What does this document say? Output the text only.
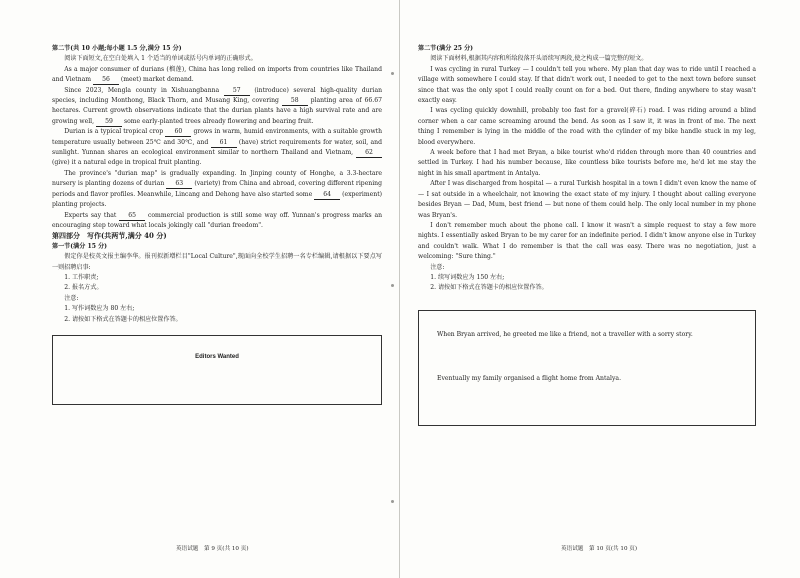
第二节(共 10 小题;每小题 1.5 分,满分 15 分)
阅读下面短文,在空白处填入 1 个适当的单词或括号内单词的正确形式。
As a major consumer of durians (榴莲), China has long relied on imports from countries like Thailand and Vietnam 56 (meet) market demand.
Since 2023, Mengla county in Xishuangbanna 57 (introduce) several high-quality durian species, including Monthong, Black Thorn, and Musang King, covering 58 planting area of 66.67 hectares. Current growth observations indicate that the durian plants have a high survival rate and are growing well, 59 some early-planted trees already flowering and bearing fruit.
Durian is a typical tropical crop 60 grows in warm, humid environments, with a suitable growth temperature usually between 25℃ and 30℃, and 61 (have) strict requirements for water, soil, and sunlight. Yunnan shares an ecological environment similar to northern Thailand and Vietnam, 62 (give) it a natural edge in tropical fruit planting.
The province's "durian map" is gradually expanding. In Jinping county of Honghe, a 3.3-hectare nursery is planting dozens of durian 63 (variety) from China and abroad, covering different ripening periods and flavor profiles. Meanwhile, Lincang and Dehong have also started some 64 (experiment) planting projects.
Experts say that 65 commercial production is still some way off. Yunnan's progress marks an encouraging step toward what locals jokingly call "durian freedom".
第四部分　写作(共两节,满分 40 分)
第一节(满分 15 分)
假定你是校英文报主编李华。报刊拟新增栏目"Local Culture",现面向全校学生招聘一名专栏编辑,请根据以下要点写一则招聘启事:
1. 工作职责;
2. 报名方式。
注意:
1. 写作词数应为 80 左右;
2. 请按如下格式在答题卡的相应位置作答。
Editors Wanted
英语试题　第 9 页(共 10 页)
第二节(满分 25 分)
阅读下面材料,根据其内容和所给段落开头语续写两段,使之构成一篇完整的短文。
I was cycling in rural Turkey — I couldn't tell you where. My plan that day was to ride until I reached a village with somewhere I could stay. If that didn't work out, I needed to get to the next town before sunset since that was the only spot I could really count on for a bed. Out there, finding anywhere to stay wasn't exactly easy.
I was cycling quickly downhill, probably too fast for a gravel(碎石) road. I was riding around a blind corner when a car came screaming around the bend. As soon as I saw it, it was in front of me. The next thing I remember is lying in the middle of the road with the cylinder of my bike handle stuck in my leg, blood everywhere.
A week before that I had met Bryan, a bike tourist who'd ridden through more than 40 countries and settled in Turkey. I had his number because, like countless bike tourists before me, he'd let me stay the night in his small apartment in Antalya.
After I was discharged from hospital — a rural Turkish hospital in a town I didn't even know the name of — I sat outside in a wheelchair, not knowing the exact state of my injury. I thought about calling everyone besides Bryan — Dad, Mum, best friend — but none of them could help. The only local number in my phone was Bryan's.
I don't remember much about the phone call. I know it wasn't a simple request to stay a few more nights. I essentially asked Bryan to be my carer for an indefinite period. I didn't know anyone else in Turkey and couldn't walk. What I do remember is that the call was easy. There was no negotiation, just a welcoming: "Sure thing."
注意:
1. 续写词数应为 150 左右;
2. 请按如下格式在答题卡的相应位置作答。
When Bryan arrived, he greeted me like a friend, not a traveller with a sorry story.
Eventually my family organised a flight home from Antalya.
英语试题　第 10 页(共 10 页)
